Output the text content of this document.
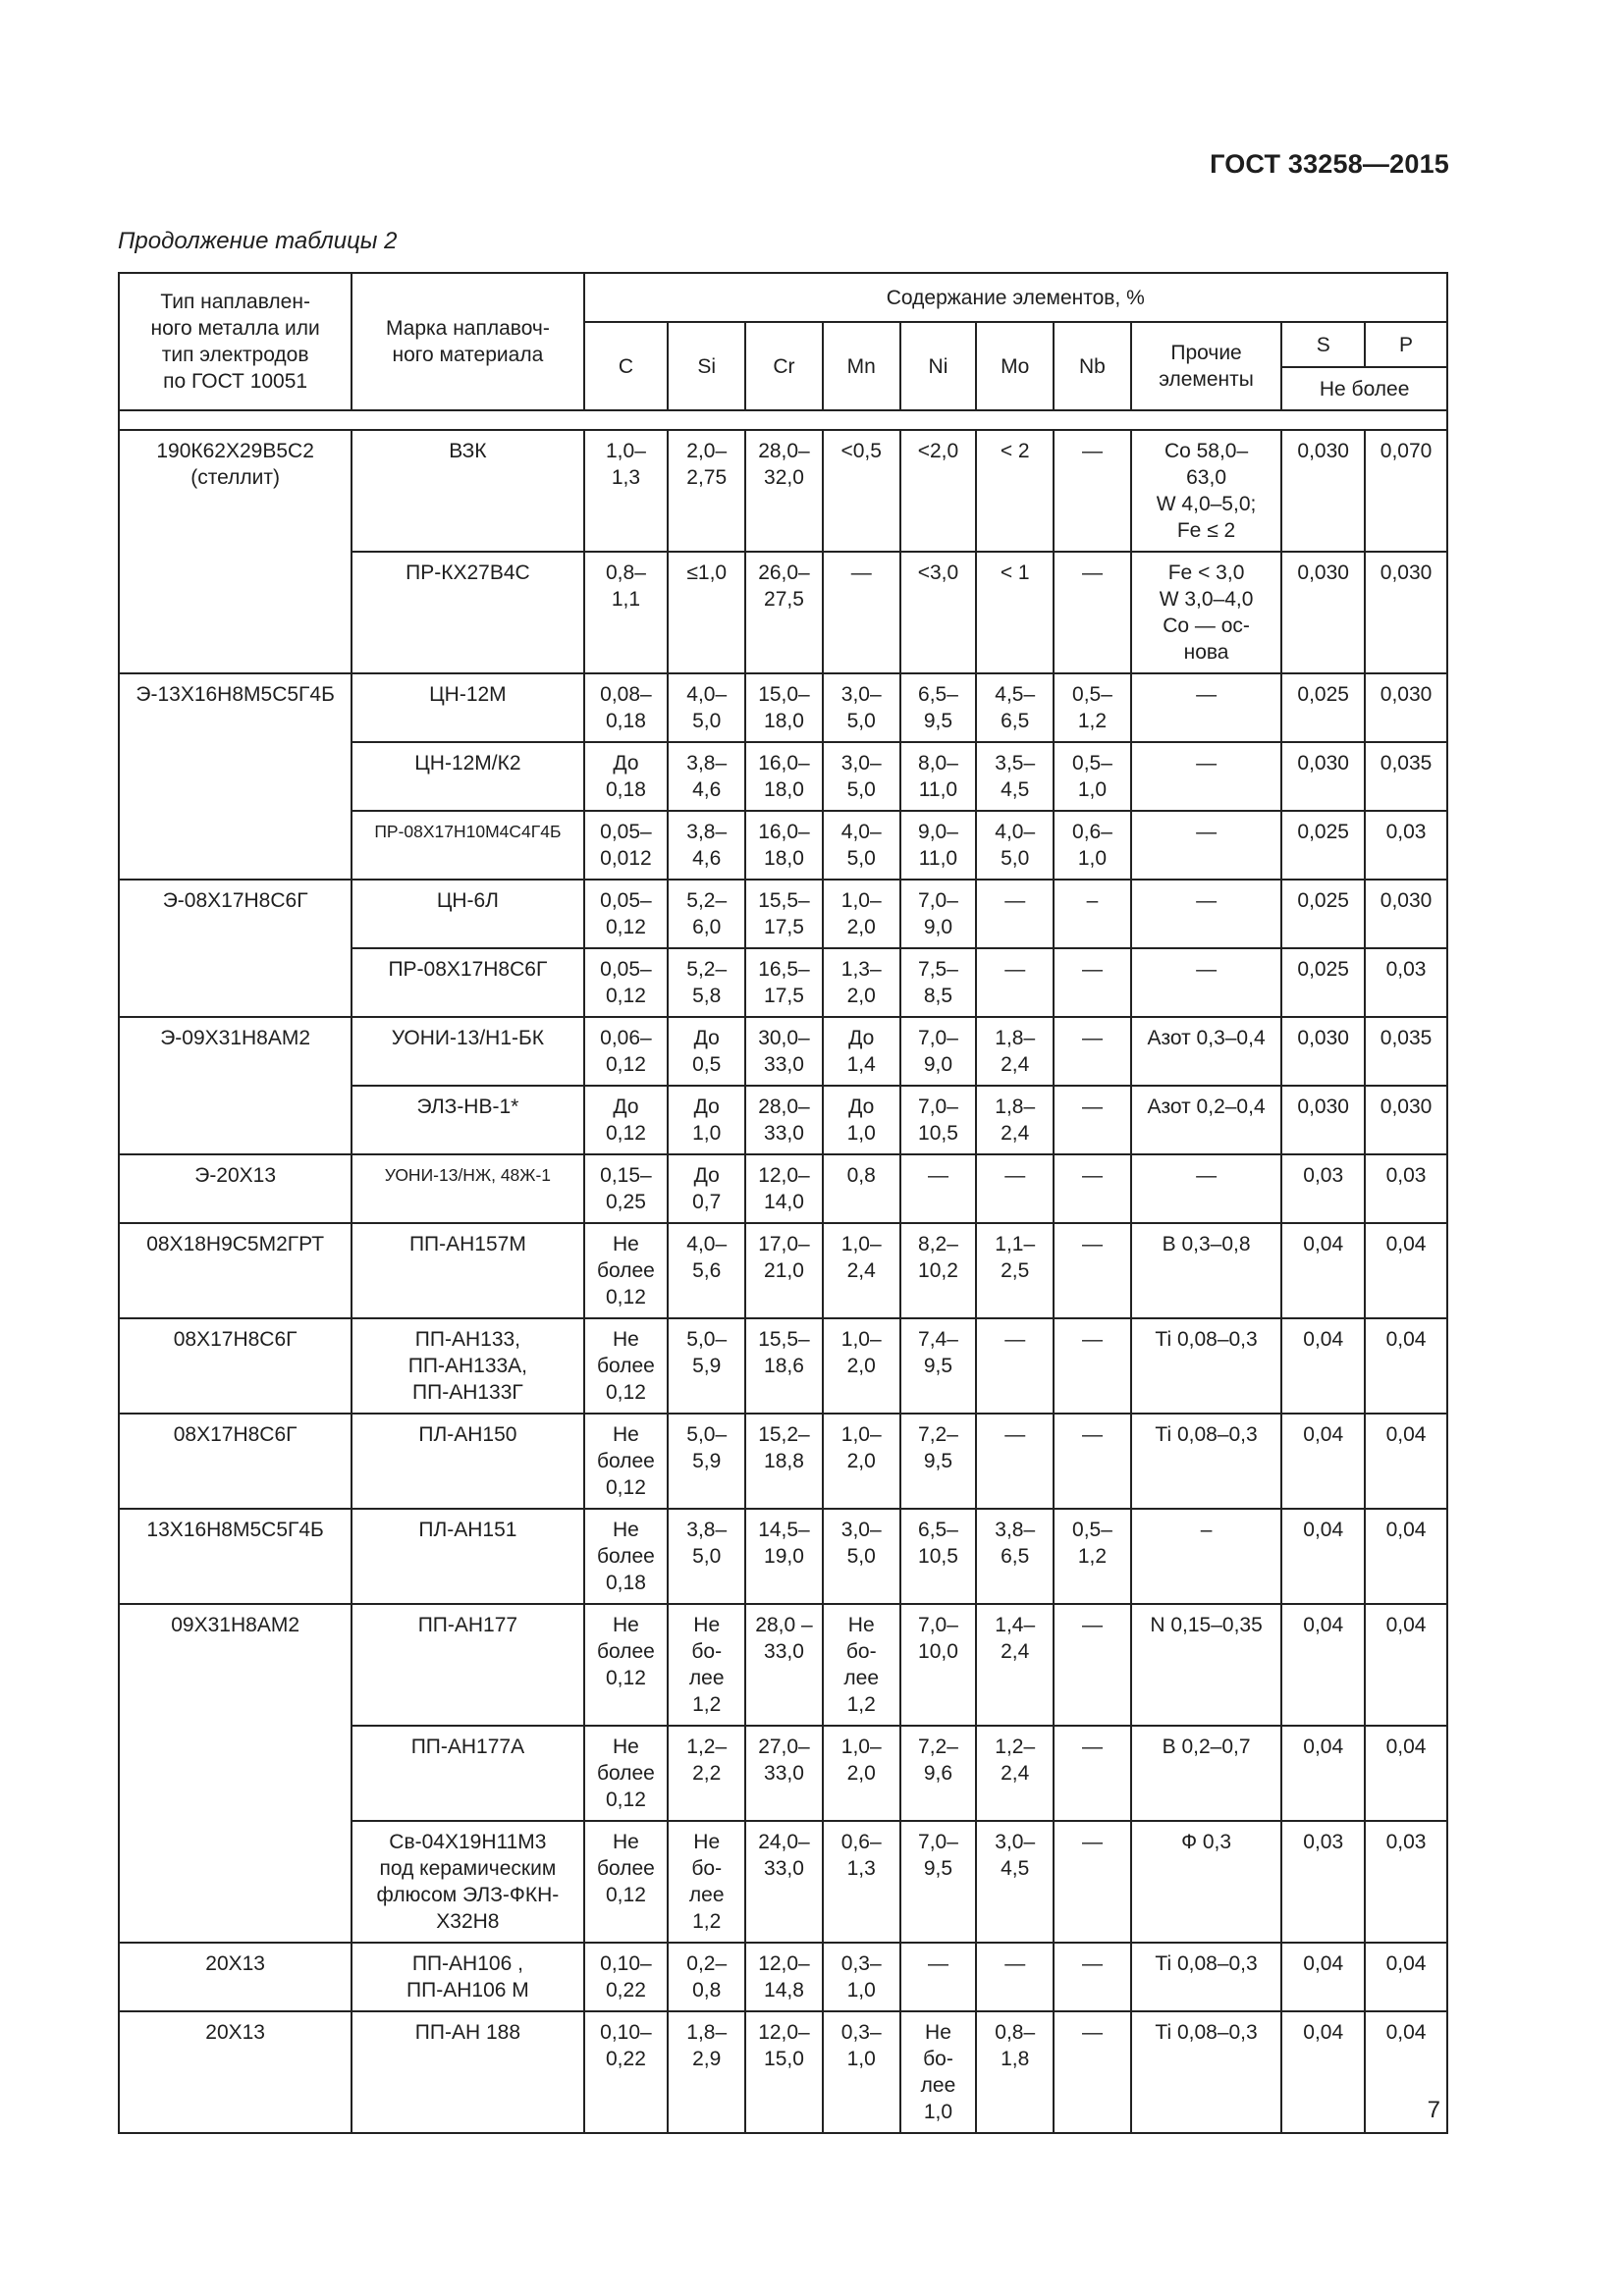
ГОСТ 33258—2015
Продолжение таблицы 2
Тип наплавлен-
ного металла или
тип электродов
по ГОСТ 10051	Марка наплавоч-
ного материала	Содержание элементов, %									
		C	Si	Cr	Mn	Ni	Mo	Nb	Прочие
элементы	S	P
										Не более	

190К62Х29В5С2
(стеллит)	ВЗК	1,0–
1,3	2,0–
2,75	28,0–
32,0	<0,5	<2,0	< 2	—	Co 58,0–
63,0
W 4,0–5,0;
Fe ≤ 2	0,030	0,070
	ПР-КХ27В4С	0,8–
1,1	≤1,0	26,0–
27,5	—	<3,0	< 1	—	Fe < 3,0
W 3,0–4,0
Co — ос-
нова	0,030	0,030
Э-13Х16Н8М5С5Г4Б	ЦН-12М	0,08–
0,18	4,0–
5,0	15,0–
18,0	3,0–
5,0	6,5–
9,5	4,5–
6,5	0,5–
1,2	—	0,025	0,030
	ЦН-12М/К2	До
0,18	3,8–
4,6	16,0–
18,0	3,0–
5,0	8,0–
11,0	3,5–
4,5	0,5–
1,0	—	0,030	0,035
	ПР-08Х17Н10М4С4Г4Б	0,05–
0,012	3,8–
4,6	16,0–
18,0	4,0–
5,0	9,0–
11,0	4,0–
5,0	0,6–
1,0	—	0,025	0,03
Э-08Х17Н8С6Г	ЦН-6Л	0,05–
0,12	5,2–
6,0	15,5–
17,5	1,0–
2,0	7,0–
9,0	—	–	—	0,025	0,030
	ПР-08Х17Н8С6Г	0,05–
0,12	5,2–
5,8	16,5–
17,5	1,3–
2,0	7,5–
8,5	—	—	—	0,025	0,03
Э-09Х31Н8АМ2	УОНИ-13/Н1-БК	0,06–
0,12	До
0,5	30,0–
33,0	До
1,4	7,0–
9,0	1,8–
2,4	—	Азот 0,3–0,4	0,030	0,035
	ЭЛЗ-НВ-1*	До
0,12	До
1,0	28,0–
33,0	До
1,0	7,0–
10,5	1,8–
2,4	—	Азот 0,2–0,4	0,030	0,030
Э-20Х13	УОНИ-13/НЖ, 48Ж-1	0,15–
0,25	До
0,7	12,0–
14,0	0,8	—	—	—	—	0,03	0,03
08Х18Н9С5М2ГРТ	ПП-АН157М	Не
более
0,12	4,0–
5,6	17,0–
21,0	1,0–
2,4	8,2–
10,2	1,1–
2,5	—	В 0,3–0,8	0,04	0,04
08Х17Н8С6Г	ПП-АН133,
ПП-АН133А,
ПП-АН133Г	Не
более
0,12	5,0–
5,9	15,5–
18,6	1,0–
2,0	7,4–
9,5	—	—	Ti 0,08–0,3	0,04	0,04
08Х17Н8С6Г	ПЛ-АН150	Не
более
0,12	5,0–
5,9	15,2–
18,8	1,0–
2,0	7,2–
9,5	—	—	Ti 0,08–0,3	0,04	0,04
13Х16Н8М5С5Г4Б	ПЛ-АН151	Не
более
0,18	3,8–
5,0	14,5–
19,0	3,0–
5,0	6,5–
10,5	3,8–
6,5	0,5–
1,2	–	0,04	0,04
09Х31Н8АМ2	ПП-АН177	Не
более
0,12	Не
бо-
лее
1,2	28,0 –
33,0	Не
бо-
лее
1,2	7,0–
10,0	1,4–
2,4	—	N 0,15–0,35	0,04	0,04
	ПП-АН177А	Не
более
0,12	1,2–
2,2	27,0–
33,0	1,0–
2,0	7,2–
9,6	1,2–
2,4	—	В 0,2–0,7	0,04	0,04
	Св-04Х19Н11М3
под керамическим
флюсом ЭЛЗ-ФКН-
Х32Н8	Не
более
0,12	Не
бо-
лее
1,2	24,0–
33,0	0,6–
1,3	7,0–
9,5	3,0–
4,5	—	Ф 0,3	0,03	0,03
20Х13	ПП-АН106 ,
ПП-АН106 М	0,10–
0,22	0,2–
0,8	12,0–
14,8	0,3–
1,0	—	—	—	Ti 0,08–0,3	0,04	0,04
20Х13	ПП-АН 188	0,10–
0,22	1,8–
2,9	12,0–
15,0	0,3–
1,0	Не
бо-
лее
1,0	0,8–
1,8	—	Ti 0,08–0,3	0,04	0,04
7
